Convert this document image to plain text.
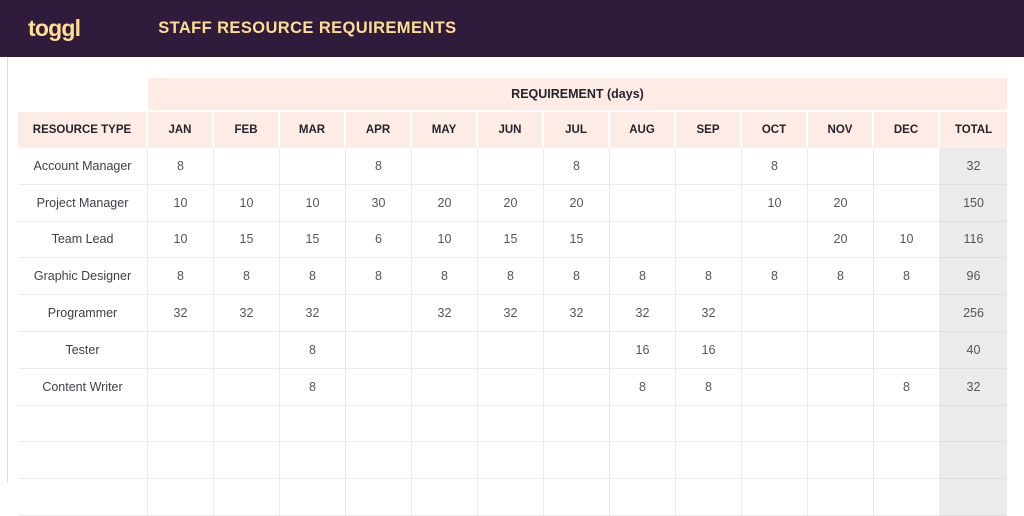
toggl	STAFF RESOURCE REQUIREMENTS
	REQUIREMENT (days)												
RESOURCE TYPE	JAN	FEB	MAR	APR	MAY	JUN	JUL	AUG	SEP	OCT	NOV	DEC	TOTAL
Account Manager	8			8			8			8			32
Project Manager	10	10	10	30	20	20	20			10	20		150
Team Lead	10	15	15	6	10	15	15				20	10	116
Graphic Designer	8	8	8	8	8	8	8	8	8	8	8	8	96
Programmer	32	32	32		32	32	32	32	32				256
Tester			8					16	16				40
Content Writer			8					8	8			8	32
